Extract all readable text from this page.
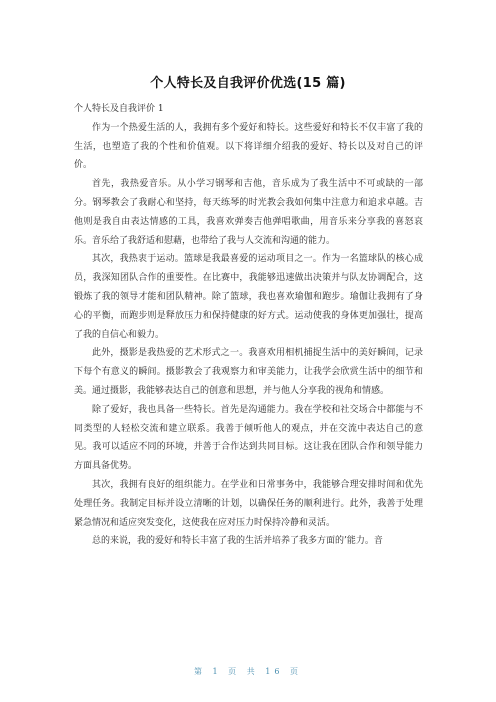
个人特长及自我评价优选(15 篇)

个人特长及自我评价 1

作为一个热爱生活的人，我拥有多个爱好和特长。这些爱好和特长不仅丰富了我的生活，也塑造了我的个性和价值观。以下将详细介绍我的爱好、特长以及对自己的评价。

首先，我热爱音乐。从小学习钢琴和吉他，音乐成为了我生活中不可或缺的一部分。钢琴教会了我耐心和坚持，每天练琴的时光教会我如何集中注意力和追求卓越。吉他则是我自由表达情感的工具，我喜欢弹奏吉他弹唱歌曲，用音乐来分享我的喜怒哀乐。音乐给了我舒适和慰藉，也带给了我与人交流和沟通的能力。

其次，我热衷于运动。篮球是我最喜爱的运动项目之一。作为一名篮球队的核心成员，我深知团队合作的重要性。在比赛中，我能够迅速做出决策并与队友协调配合，这锻炼了我的领导才能和团队精神。除了篮球，我也喜欢瑜伽和跑步。瑜伽让我拥有了身心的平衡，而跑步则是释放压力和保持健康的好方式。运动使我的身体更加强壮，提高了我的自信心和毅力。

此外，摄影是我热爱的艺术形式之一。我喜欢用相机捕捉生活中的美好瞬间，记录下每个有意义的瞬间。摄影教会了我观察力和审美能力，让我学会欣赏生活中的细节和美。通过摄影，我能够表达自己的创意和思想，并与他人分享我的视角和情感。

除了爱好，我也具备一些特长。首先是沟通能力。我在学校和社交场合中都能与不同类型的人轻松交流和建立联系。我善于倾听他人的观点，并在交流中表达自己的意见。我可以适应不同的环境，并善于合作达到共同目标。这让我在团队合作和领导能力方面具备优势。

其次，我拥有良好的组织能力。在学业和日常事务中，我能够合理安排时间和优先处理任务。我制定目标并设立清晰的计划，以确保任务的顺利进行。此外，我善于处理紧急情况和适应突发变化，这使我在应对压力时保持冷静和灵活。

总的来说，我的爱好和特长丰富了我的生活并培养了我多方面的’能力。音

第 1 页 共 16 页
